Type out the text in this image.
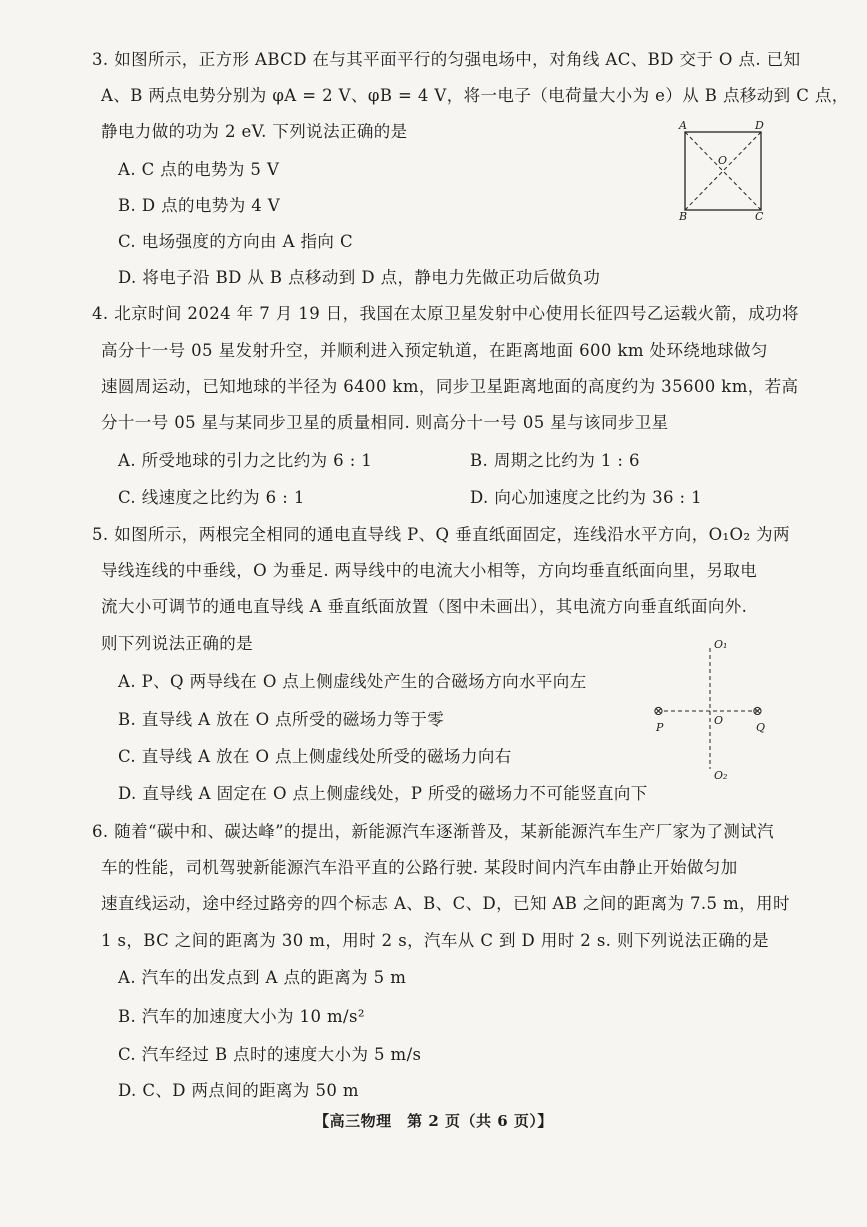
3. 如图所示，正方形 ABCD 在与其平面平行的匀强电场中，对角线 AC、BD 交于 O 点. 已知
A、B 两点电势分别为 φA = 2 V、φB = 4 V，将一电子（电荷量大小为 e）从 B 点移动到 C 点，
静电力做的功为 2 eV. 下列说法正确的是
A. C 点的电势为 5 V
B. D 点的电势为 4 V
C. 电场强度的方向由 A 指向 C
D. 将电子沿 BD 从 B 点移动到 D 点，静电力先做正功后做负功
A	D
B	C
O
4. 北京时间 2024 年 7 月 19 日，我国在太原卫星发射中心使用长征四号乙运载火箭，成功将
高分十一号 05 星发射升空，并顺利进入预定轨道，在距离地面 600 km 处环绕地球做匀
速圆周运动，已知地球的半径为 6400 km，同步卫星距离地面的高度约为 35600 km，若高
分十一号 05 星与某同步卫星的质量相同. 则高分十一号 05 星与该同步卫星
A. 所受地球的引力之比约为 6 : 1	B. 周期之比约为 1 : 6
C. 线速度之比约为 6 : 1	D. 向心加速度之比约为 36 : 1
5. 如图所示，两根完全相同的通电直导线 P、Q 垂直纸面固定，连线沿水平方向，O₁O₂ 为两
导线连线的中垂线，O 为垂足. 两导线中的电流大小相等，方向均垂直纸面向里，另取电
流大小可调节的通电直导线 A 垂直纸面放置（图中未画出），其电流方向垂直纸面向外.
则下列说法正确的是
A. P、Q 两导线在 O 点上侧虚线处产生的合磁场方向水平向左
B. 直导线 A 放在 O 点所受的磁场力等于零
C. 直导线 A 放在 O 点上侧虚线处所受的磁场力向右
D. 直导线 A 固定在 O 点上侧虚线处，P 所受的磁场力不可能竖直向下
O₁
O₂
O
⊗	⊗
P	Q
6. 随着“碳中和、碳达峰”的提出，新能源汽车逐渐普及，某新能源汽车生产厂家为了测试汽
车的性能，司机驾驶新能源汽车沿平直的公路行驶. 某段时间内汽车由静止开始做匀加
速直线运动，途中经过路旁的四个标志 A、B、C、D，已知 AB 之间的距离为 7.5 m，用时
1 s，BC 之间的距离为 30 m，用时 2 s，汽车从 C 到 D 用时 2 s. 则下列说法正确的是
A. 汽车的出发点到 A 点的距离为 5 m
B. 汽车的加速度大小为 10 m/s²
C. 汽车经过 B 点时的速度大小为 5 m/s
D. C、D 两点间的距离为 50 m
【高三物理　第 2 页（共 6 页）】
